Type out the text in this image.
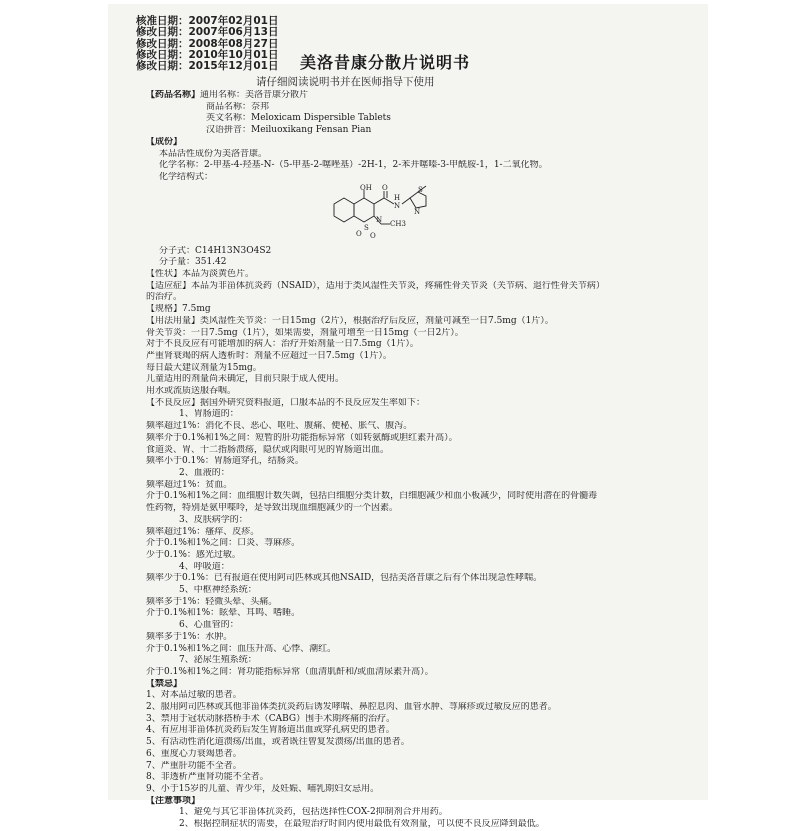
核准日期：2007年02月01日
修改日期：2007年06月13日
修改日期：2008年08月27日
修改日期：2010年10月01日
修改日期：2015年12月01日 美洛昔康分散片说明书
请仔细阅读说明书并在医师指导下使用
【药品名称】通用名称：美洛昔康分散片
商品名称：奈邦
英文名称：Meloxicam Dispersible Tablets
汉语拼音：Meiluoxikang Fensan Pian
【成份】
本品活性成份为美洛昔康。
化学名称：2-甲基-4-羟基-N-（5-甲基-2-噻唑基）-2H-1，2-苯并噻嗪-3-甲酰胺-1，1-二氧化物。
化学结构式：
OH O
H
N
S
N
N CH3
O
S
O
分子式：C14H13N3O4S2
分子量：351.42
【性状】本品为淡黄色片。
【适应症】本品为非甾体抗炎药（NSAID），适用于类风湿性关节炎，疼痛性骨关节炎（关节病、退行性骨关节病）
的治疗。
【规格】7.5mg
【用法用量】类风湿性关节炎：一日15mg（2片），根据治疗后反应，剂量可减至一日7.5mg（1片）。
骨关节炎：一日7.5mg（1片），如果需要，剂量可增至一日15mg（一日2片）。
对于不良反应有可能增加的病人：治疗开始剂量一日7.5mg（1片）。
严重肾衰竭的病人透析时：剂量不应超过一日7.5mg（1片）。
每日最大建议剂量为15mg。
儿童适用的剂量尚未确定，目前只限于成人使用。
用水或流质送服吞咽。
【不良反应】据国外研究资料报道，口服本品的不良反应发生率如下：
1、胃肠道的：
频率超过1%：消化不良、恶心、呕吐、腹痛、便秘、胀气、腹泻。
频率介于0.1%和1%之间：短暂的肝功能指标异常（如转氨酶或胆红素升高）。
食道炎、胃、十二指肠溃疡，隐伏或肉眼可见的胃肠道出血。
频率小于0.1%：胃肠道穿孔，结肠炎。
2、血液的：
频率超过1%：贫血。
介于0.1%和1%之间：血细胞计数失调，包括白细胞分类计数，白细胞减少和血小板减少，同时使用潜在的骨髓毒
性药物，特别是氨甲喋呤，是导致出现血细胞减少的一个因素。
3、皮肤病学的：
频率超过1%：瘙痒、皮疹。
介于0.1%和1%之间：口炎、荨麻疹。
少于0.1%：感光过敏。
4、呼吸道：
频率少于0.1%：已有报道在使用阿司匹林或其他NSAID，包括美洛昔康之后有个体出现急性哮喘。
5、中枢神经系统：
频率多于1%：轻微头晕、头痛。
介于0.1%和1%：眩晕、耳鸣、嗜睡。
6、心血管的：
频率多于1%：水肿。
介于0.1%和1%之间：血压升高、心悸、潮红。
7、泌尿生殖系统：
介于0.1%和1%之间：肾功能指标异常（血清肌酐和/或血清尿素升高）。
【禁忌】
1、对本品过敏的患者。
2、服用阿司匹林或其他非甾体类抗炎药后诱发哮喘、鼻腔息肉、血管水肿、荨麻疹或过敏反应的患者。
3、禁用于冠状动脉搭桥手术（CABG）围手术期疼痛的治疗。
4、有应用非甾体抗炎药后发生胃肠道出血或穿孔病史的患者。
5、有活动性消化道溃疡/出血，或者既往曾复发溃疡/出血的患者。
6、重度心力衰竭患者。
7、严重肝功能不全者。
8、非透析严重肾功能不全者。
9、小于15岁的儿童、青少年，及妊娠、哺乳期妇女忌用。
【注意事项】
1、避免与其它非甾体抗炎药，包括选择性COX-2抑制剂合并用药。
2、根据控制症状的需要，在最短治疗时间内使用最低有效剂量，可以使不良反应降到最低。
